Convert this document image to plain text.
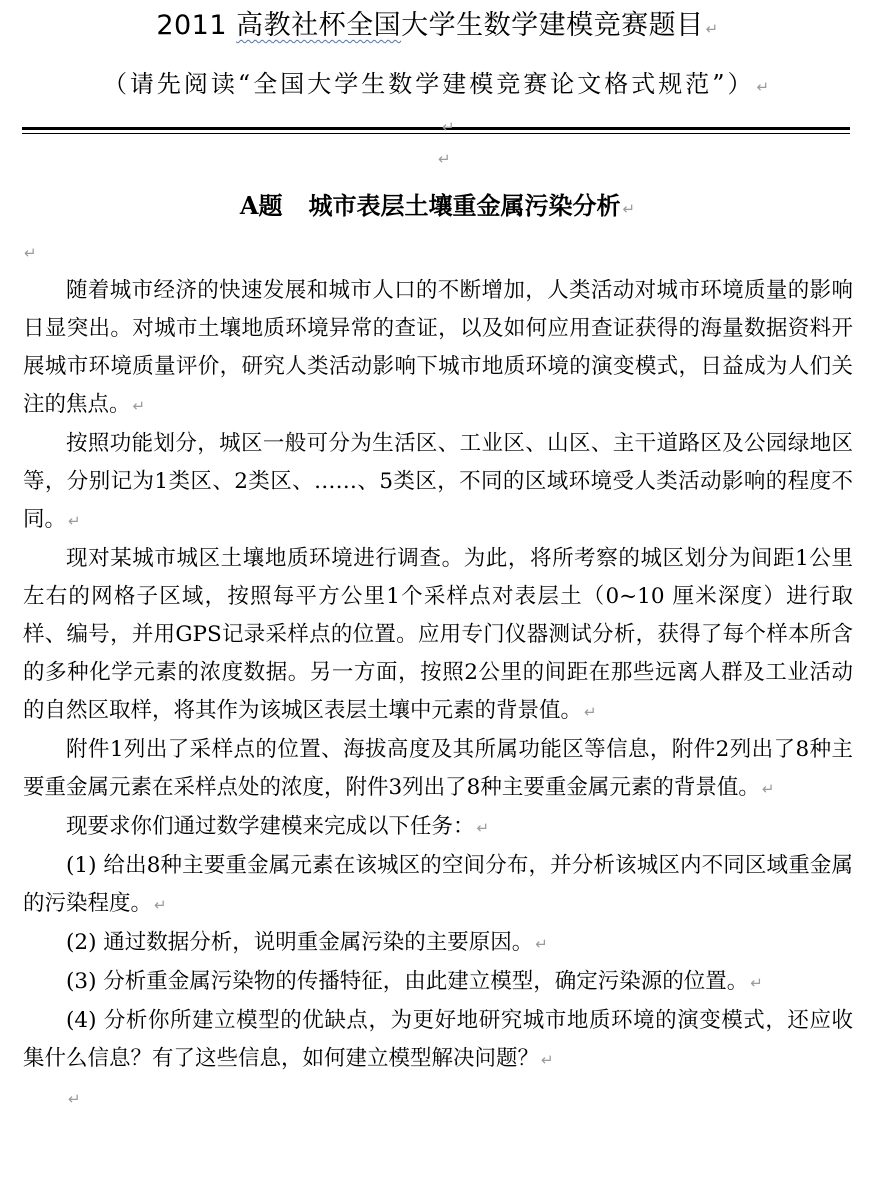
2011 高教社杯全国大学生数学建模竞赛题目 ↵
（请先阅读“全国大学生数学建模竞赛论文格式规范”） ↵
↵
↵
A题 城市表层土壤重金属污染分析 ↵
↵

随着城市经济的快速发展和城市人口的不断增加，人类活动对城市环境质量的影响日显突出。对城市土壤地质环境异常的查证，以及如何应用查证获得的海量数据资料开展城市环境质量评价，研究人类活动影响下城市地质环境的演变模式，日益成为人们关注的焦点。 ↵

按照功能划分，城区一般可分为生活区、工业区、山区、主干道路区及公园绿地区等，分别记为1类区、2类区、……、5类区，不同的区域环境受人类活动影响的程度不同。 ↵

现对某城市城区土壤地质环境进行调查。为此，将所考察的城区划分为间距1公里左右的网格子区域，按照每平方公里1个采样点对表层土（0~10 厘米深度）进行取样、编号，并用GPS记录采样点的位置。应用专门仪器测试分析，获得了每个样本所含的多种化学元素的浓度数据。另一方面，按照2公里的间距在那些远离人群及工业活动的自然区取样，将其作为该城区表层土壤中元素的背景值。 ↵

附件1列出了采样点的位置、海拔高度及其所属功能区等信息，附件2列出了8种主要重金属元素在采样点处的浓度，附件3列出了8种主要重金属元素的背景值。 ↵

现要求你们通过数学建模来完成以下任务： ↵

(1) 给出8种主要重金属元素在该城区的空间分布，并分析该城区内不同区域重金属的污染程度。 ↵

(2) 通过数据分析，说明重金属污染的主要原因。 ↵

(3) 分析重金属污染物的传播特征，由此建立模型，确定污染源的位置。 ↵

(4) 分析你所建立模型的优缺点，为更好地研究城市地质环境的演变模式，还应收集什么信息？有了这些信息，如何建立模型解决问题？ ↵

↵
